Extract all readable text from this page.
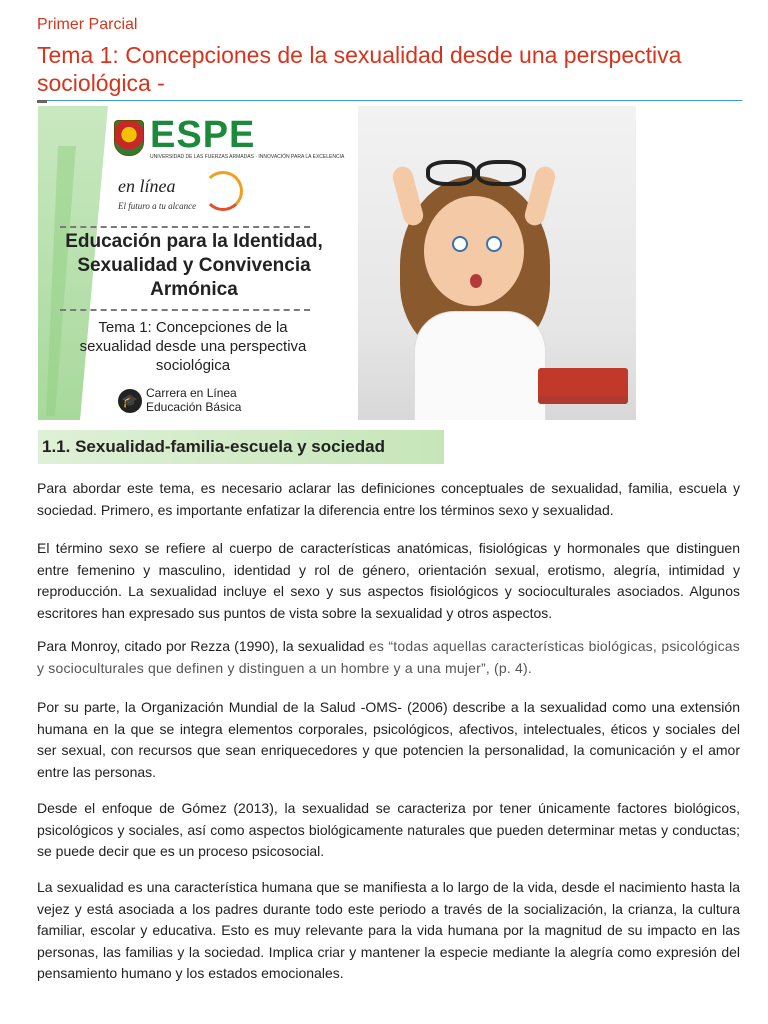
Primer Parcial
Tema 1: Concepciones de la sexualidad desde una perspectiva sociológica -
ESPE
UNIVERSIDAD DE LAS FUERZAS ARMADAS · INNOVACIÓN PARA LA EXCELENCIA
en línea
El futuro a tu alcance
Educación para la Identidad, Sexualidad y Convivencia Armónica
Tema 1: Concepciones de la sexualidad desde una perspectiva sociológica
🎓 Carrera en Línea
Educación Básica
1.1. Sexualidad-familia-escuela y sociedad

Para abordar este tema, es necesario aclarar las definiciones conceptuales de sexualidad, familia, escuela y sociedad. Primero, es importante enfatizar la diferencia entre los términos sexo y sexualidad.

El término sexo se refiere al cuerpo de características anatómicas, fisiológicas y hormonales que distinguen entre femenino y masculino, identidad y rol de género, orientación sexual, erotismo, alegría, intimidad y reproducción. La sexualidad incluye el sexo y sus aspectos fisiológicos y socioculturales asociados. Algunos escritores han expresado sus puntos de vista sobre la sexualidad y otros aspectos.

Para Monroy, citado por Rezza (1990), la sexualidad es “todas aquellas características biológicas, psicológicas y socioculturales que definen y distinguen a un hombre y a una mujer”, (p. 4).

Por su parte, la Organización Mundial de la Salud -OMS- (2006) describe a la sexualidad como una extensión humana en la que se integra elementos corporales, psicológicos, afectivos, intelectuales, éticos y sociales del ser sexual, con recursos que sean enriquecedores y que potencien la personalidad, la comunicación y el amor entre las personas.

Desde el enfoque de Gómez (2013), la sexualidad se caracteriza por tener únicamente factores biológicos, psicológicos y sociales, así como aspectos biológicamente naturales que pueden determinar metas y conductas; se puede decir que es un proceso psicosocial.

La sexualidad es una característica humana que se manifiesta a lo largo de la vida, desde el nacimiento hasta la vejez y está asociada a los padres durante todo este periodo a través de la socialización, la crianza, la cultura familiar, escolar y educativa. Esto es muy relevante para la vida humana por la magnitud de su impacto en las personas, las familias y la sociedad. Implica criar y mantener la especie mediante la alegría como expresión del pensamiento humano y los estados emocionales.
